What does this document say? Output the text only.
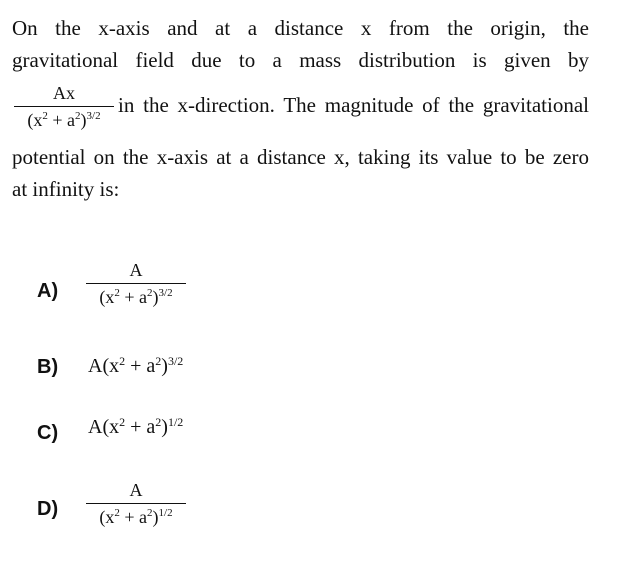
On the x-axis and at a distance x from the origin, the

gravitational field due to a mass distribution is given by

Ax
$(x^2 + a^2)^{3/2}$ in the x-direction. The magnitude of the gravitational

potential on the x-axis at a distance x, taking its value to be zero

at infinity is:

A)
A
$(x^2 + a^2)^{3/2}$
B) $A(x^2 + a^2)^{3/2}$
C) $A(x^2 + a^2)^{1/2}$
D)
A
$(x^2 + a^2)^{1/2}$
